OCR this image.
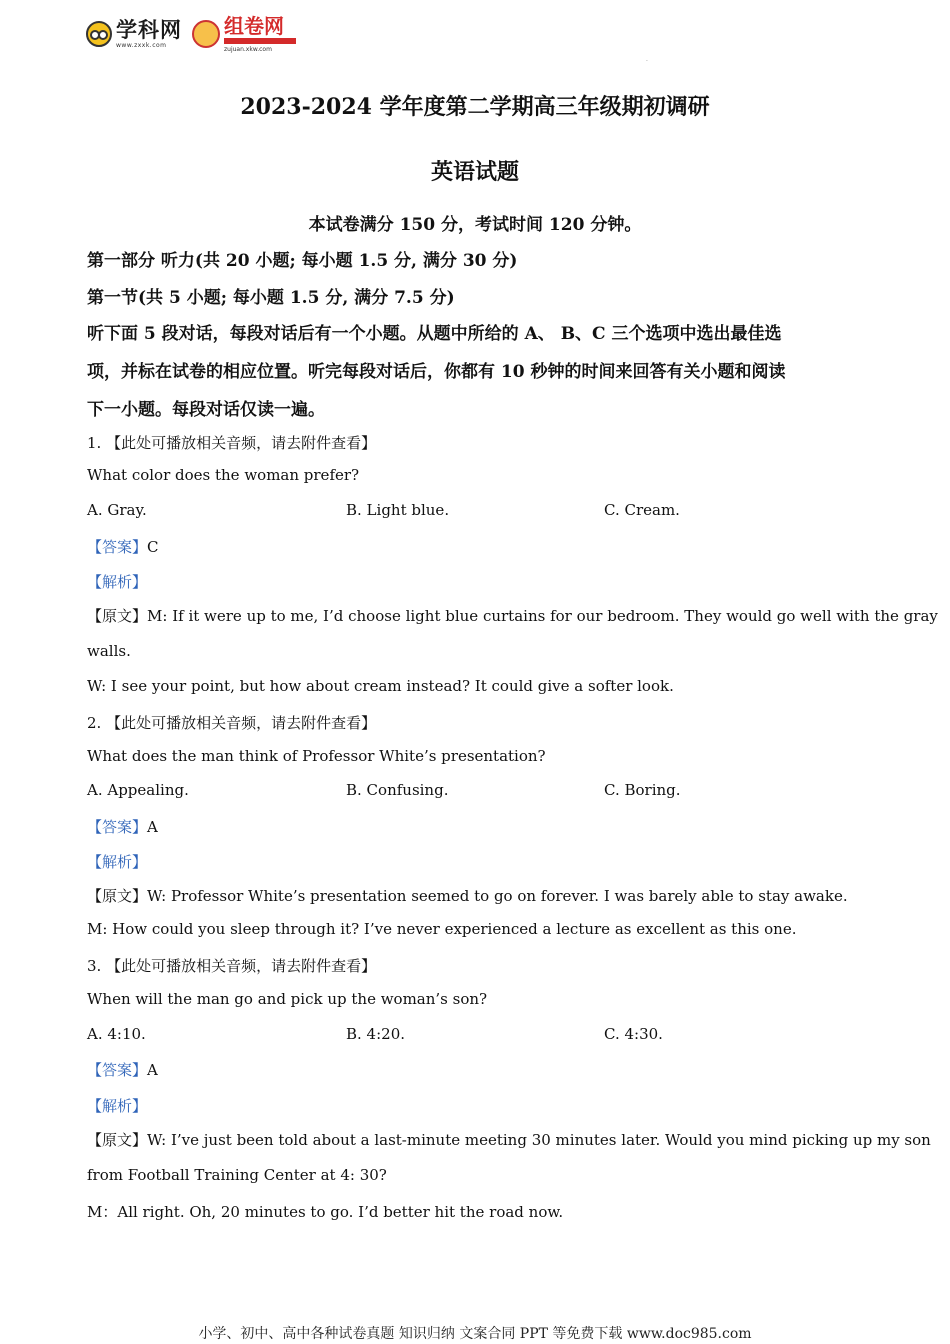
学科网
www.zxxk.com
组卷网
zujuan.xkw.com
·
2023-2024 学年度第二学期高三年级期初调研
英语试题
本试卷满分 150 分，考试时间 120 分钟。
第一部分 听力(共 20 小题; 每小题 1.5 分, 满分 30 分)
第一节(共 5 小题; 每小题 1.5 分, 满分 7.5 分)
听下面 5 段对话，每段对话后有一个小题。从题中所给的 A、 B、C 三个选项中选出最佳选
项，并标在试卷的相应位置。听完每段对话后，你都有 10 秒钟的时间来回答有关小题和阅读
下一小题。每段对话仅读一遍。
1. 【此处可播放相关音频，请去附件查看】
What color does the woman prefer?
A. Gray.	B. Light blue.	C. Cream.
【答案】C
【解析】
【原文】M: If it were up to me, I’d choose light blue curtains for our bedroom. They would go well with the gray
walls.
W: I see your point, but how about cream instead? It could give a softer look.
2. 【此处可播放相关音频，请去附件查看】
What does the man think of Professor White’s presentation?
A. Appealing.	B. Confusing.	C. Boring.
【答案】A
【解析】
【原文】W: Professor White’s presentation seemed to go on forever. I was barely able to stay awake.
M: How could you sleep through it? I’ve never experienced a lecture as excellent as this one.
3. 【此处可播放相关音频，请去附件查看】
When will the man go and pick up the woman’s son?
A. 4:10.	B. 4:20.	C. 4:30.
【答案】A
【解析】
【原文】W: I’ve just been told about a last-minute meeting 30 minutes later. Would you mind picking up my son
from Football Training Center at 4: 30?
M：All right. Oh, 20 minutes to go. I’d better hit the road now.
小学、初中、高中各种试卷真题 知识归纳 文案合同 PPT 等免费下载 www.doc985.com
